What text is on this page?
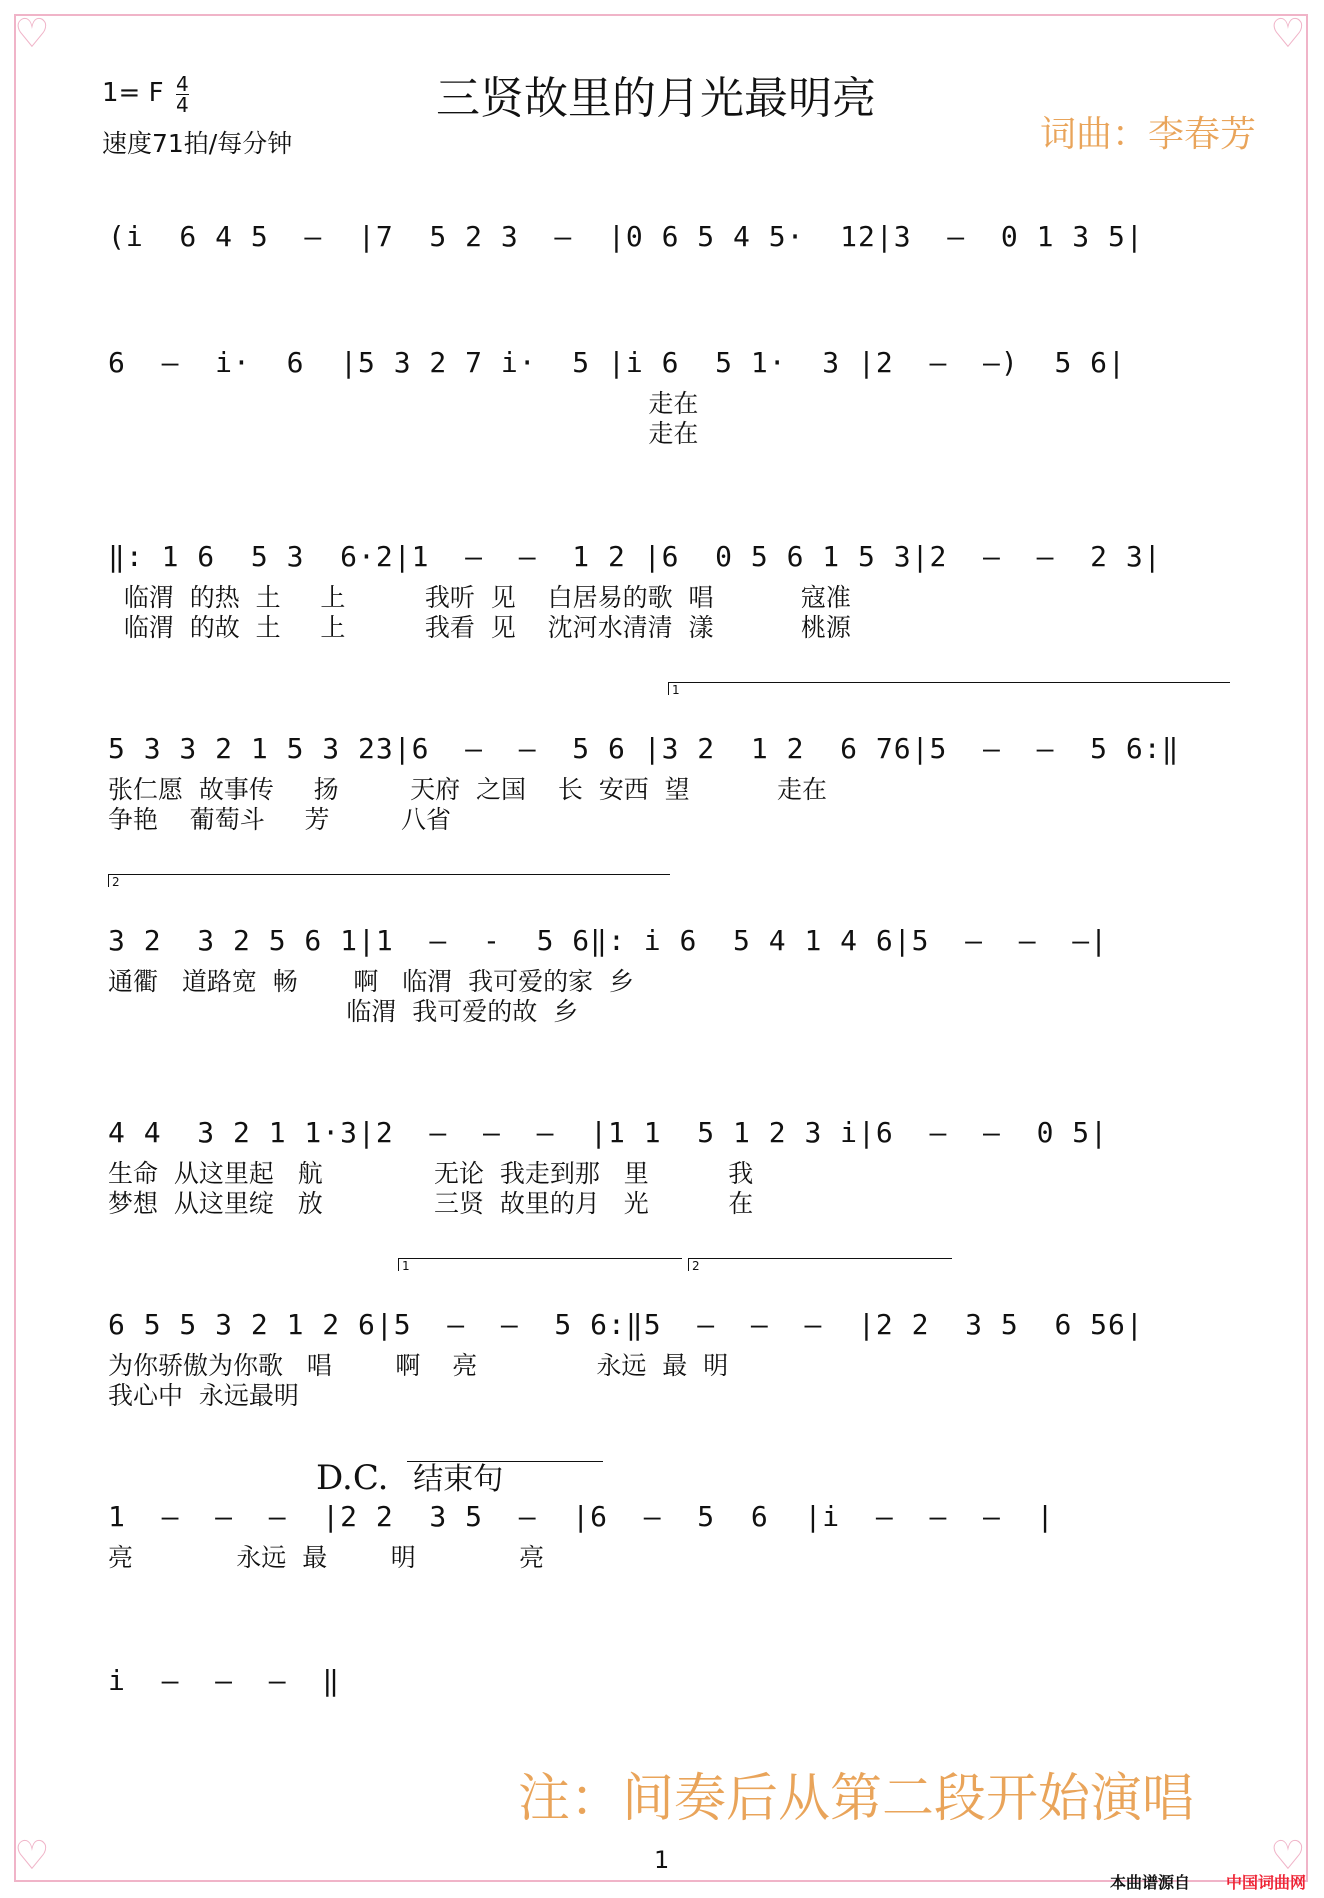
♡	♡
♡	♡
三贤故里的月光最明亮
1= F $\frac{4}{4}$
速度71拍/每分钟	词曲：李春芳
(i  6 4 5  —  |7  5 2 3  —  |0 6 5 4 5·  12|3  —  0 1 3 5|
6  —  i·  6  |5 3 2 7 i·  5 |i 6  5 1·  3 |2  —  —)  5 6|
走在
走在
‖: 1 6  5 3  6·2|1  —  —  1 2 |6  0 5 6 1 5 3|2  —  —  2 3|
临渭  的热  土     上          我听  见    白居易的歌  唱           寇准
临渭  的故  土     上          我看  见    沈河水清清  漾           桃源
1
5 3 3 2 1 5 3 23|6  —  —  5 6 |3 2  1 2  6 76|5  —  —  5 6:‖
张仁愿  故事传     扬         天府  之国    长  安西  望           走在
争艳    葡萄斗     芳         八省
2
3 2  3 2 5 6 1|1  —  -  5 6‖: i 6  5 4 1 4 6|5  —  —  —|
通衢   道路宽  畅       啊   临渭  我可爱的家  乡
临渭  我可爱的故  乡
4 4  3 2 1 1·3|2  —  —  —  |1 1  5 1 2 3 i|6  —  —  0 5|
生命  从这里起   航              无论  我走到那   里          我
梦想  从这里绽   放              三贤  故里的月   光          在
1	2
6 5 5 3 2 1 2 6|5  —  —  5 6:‖5  —  —  —  |2 2  3 5  6 56|
为你骄傲为你歌   唱        啊    亮               永远  最  明
我心中  永远最明
D.C. 结束句
1  —  —  —  |2 2  3 5  —  |6  —  5  6  |i  —  —  —  |
亮             永远  最        明             亮
i  —  —  —  ‖
注：间奏后从第二段开始演唱
1
本曲谱源自 中国词曲网
